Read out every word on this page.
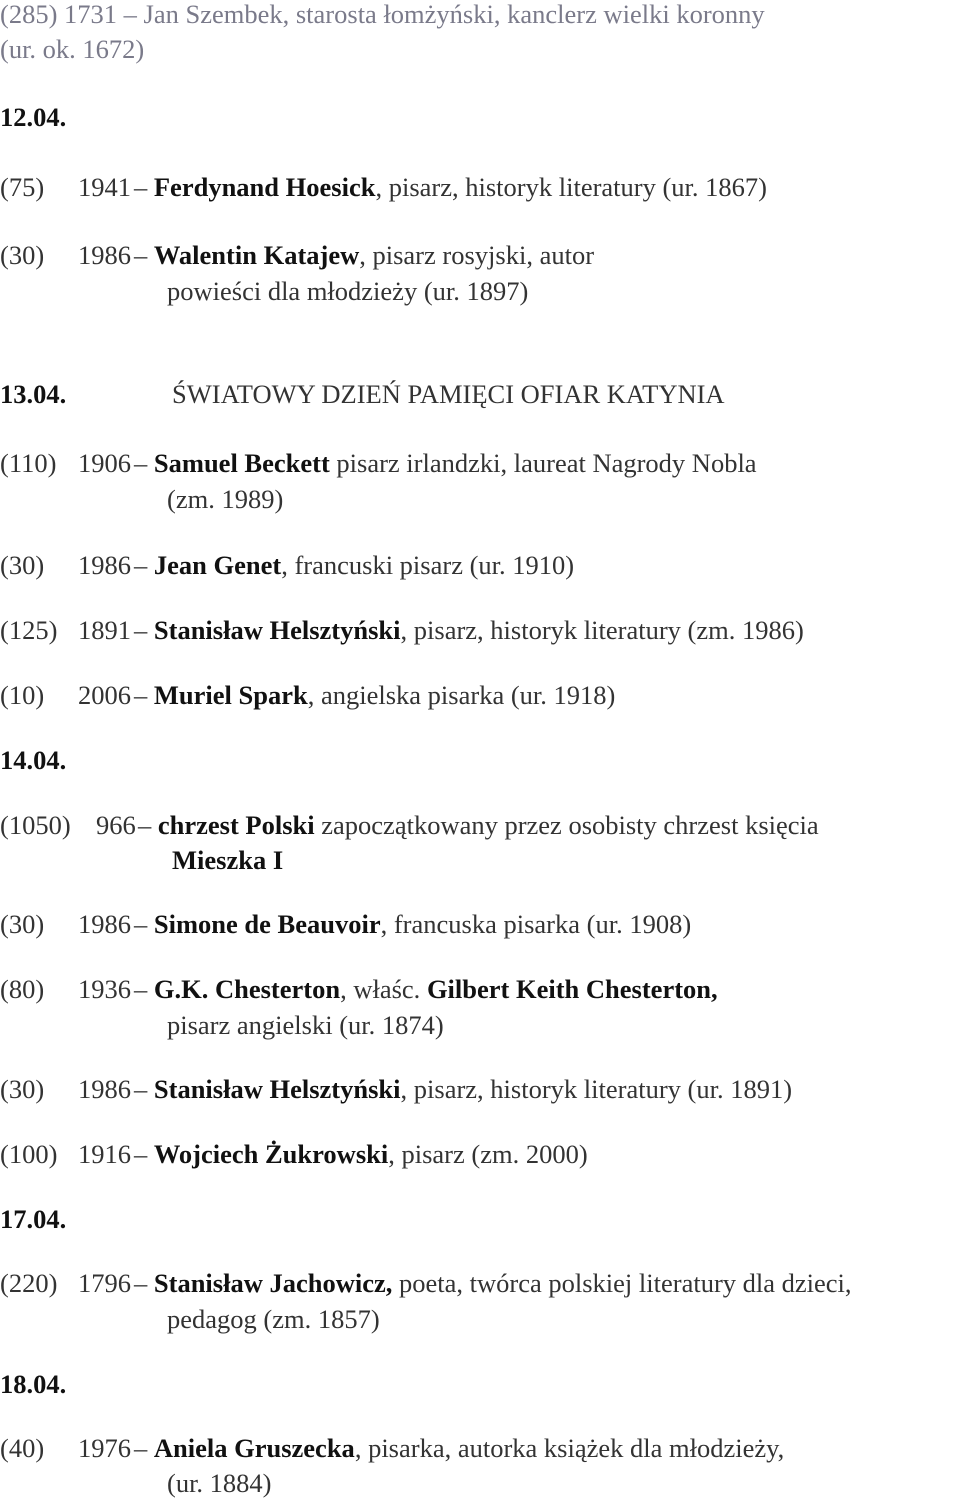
(285) 1731 – Jan Szembek, starosta łomżyński, kanclerz wielki koronny
(ur. ok. 1672)
12.04.
(75) 1941 – Ferdynand Hoesick, pisarz, historyk literatury (ur. 1867)
(30) 1986 – Walentin Katajew, pisarz rosyjski, autor
powieści dla młodzieży (ur. 1897)
13.04.	ŚWIATOWY DZIEŃ PAMIĘCI OFIAR KATYNIA
(110) 1906 – Samuel Beckett pisarz irlandzki, laureat Nagrody Nobla
(zm. 1989)
(30) 1986 – Jean Genet, francuski pisarz (ur. 1910)
(125) 1891 – Stanisław Helsztyński, pisarz, historyk literatury (zm. 1986)
(10) 2006 – Muriel Spark, angielska pisarka (ur. 1918)
14.04.
(1050) 966 – chrzest Polski zapoczątkowany przez osobisty chrzest księcia
Mieszka I
(30) 1986 – Simone de Beauvoir, francuska pisarka (ur. 1908)
(80) 1936 – G.K. Chesterton, właśc. Gilbert Keith Chesterton,
pisarz angielski (ur. 1874)
(30) 1986 – Stanisław Helsztyński, pisarz, historyk literatury (ur. 1891)
(100) 1916 – Wojciech Żukrowski, pisarz (zm. 2000)
17.04.
(220) 1796 – Stanisław Jachowicz, poeta, twórca polskiej literatury dla dzieci,
pedagog (zm. 1857)
18.04.
(40) 1976 – Aniela Gruszecka, pisarka, autorka książek dla młodzieży,
(ur. 1884)
